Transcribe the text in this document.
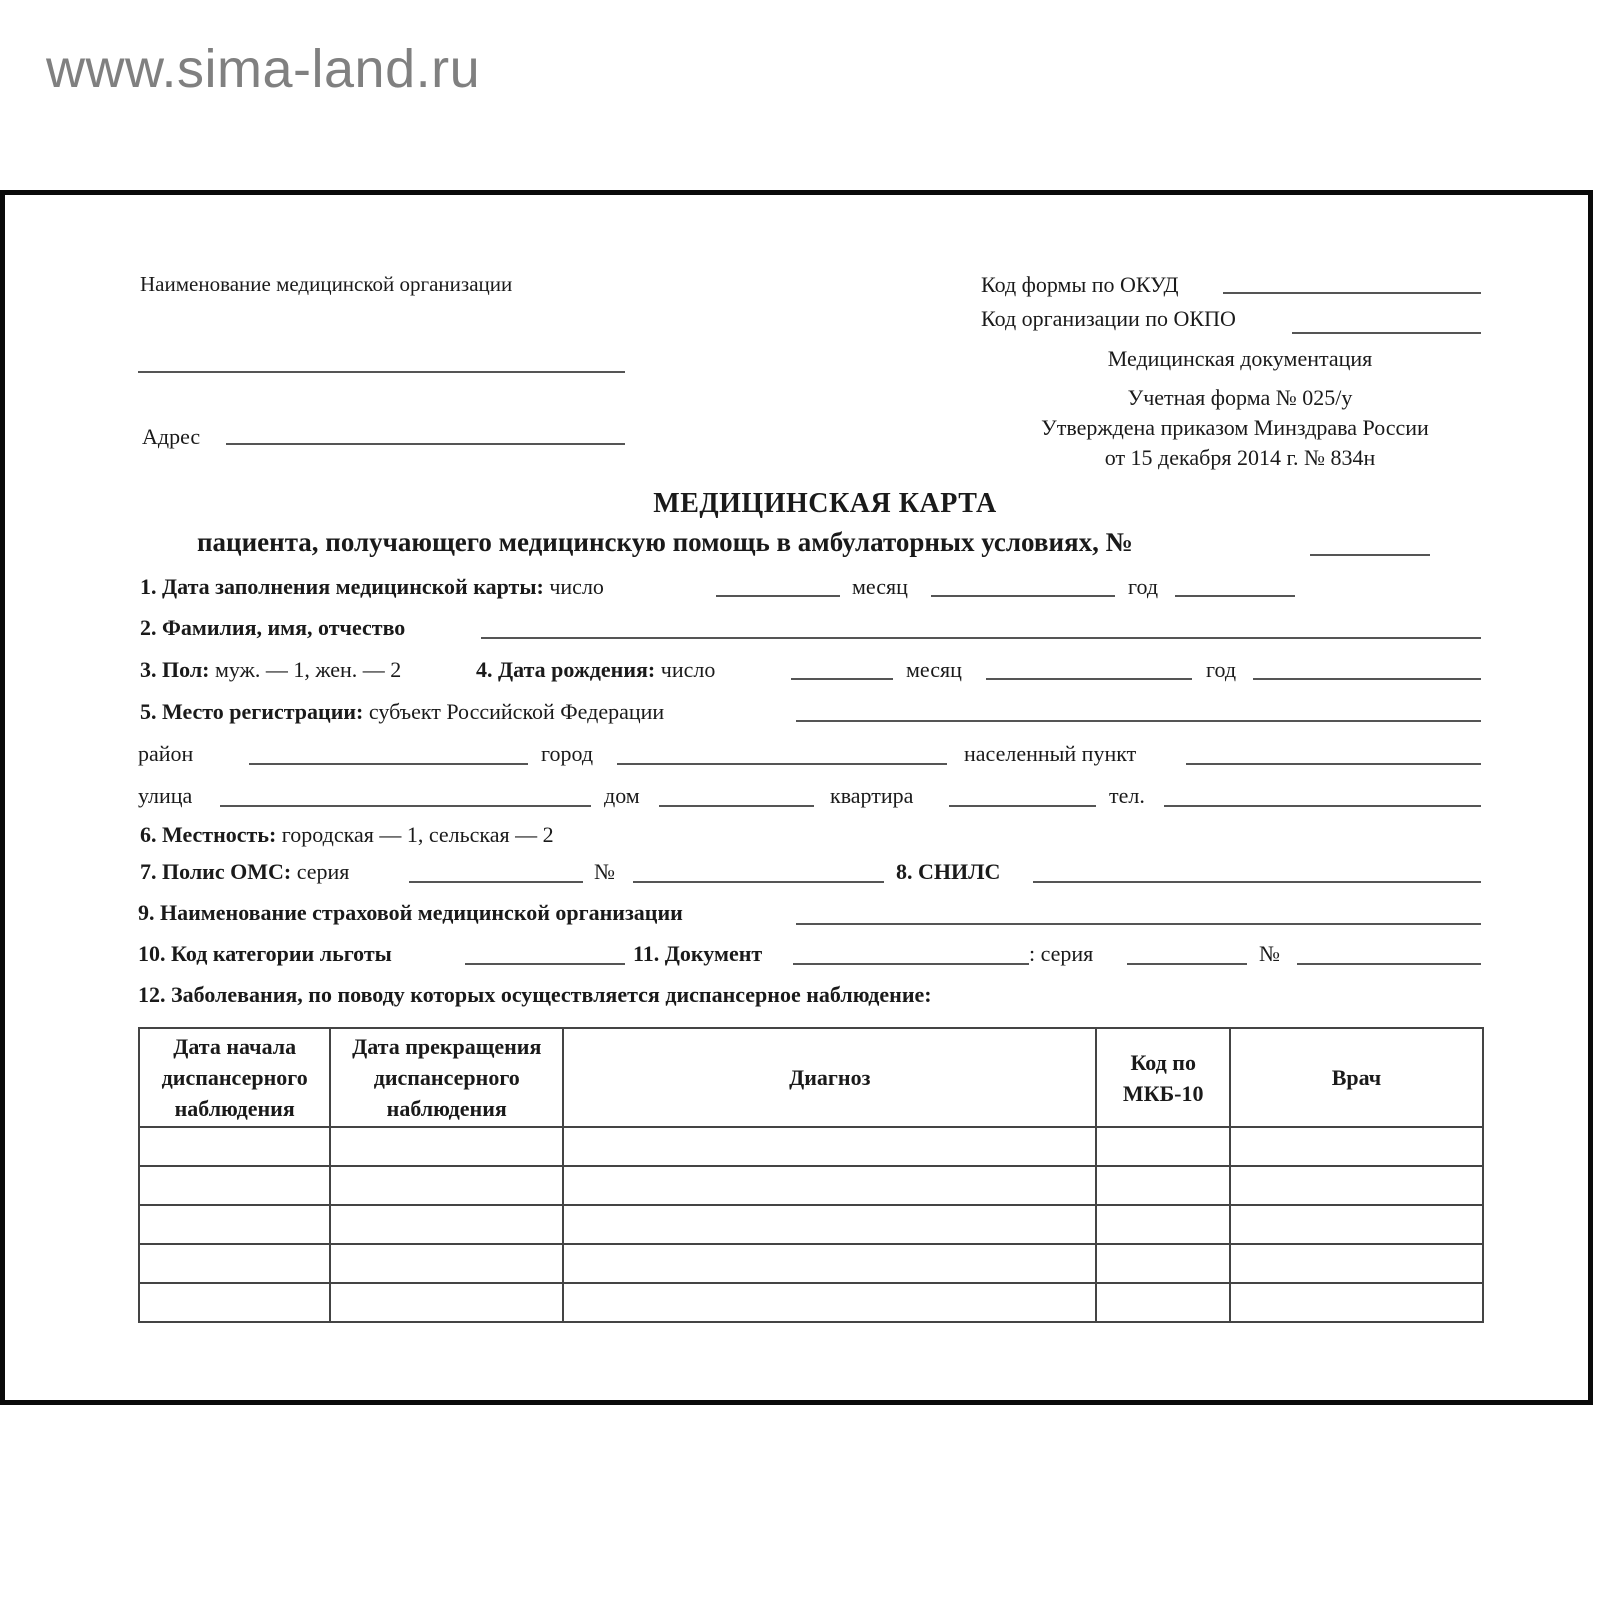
www.sima-land.ru
Наименование медицинской организации
Адрес
Код формы по ОКУД
Код организации по ОКПО
Медицинская документация
Учетная форма № 025/у
Утверждена приказом Минздрава России
от 15 декабря 2014 г. № 834н
МЕДИЦИНСКАЯ КАРТА
пациента, получающего медицинскую помощь в амбулаторных условиях, №
1. Дата заполнения медицинской карты: число	месяц	год
2. Фамилия, имя, отчество
3. Пол: муж. — 1, жен. — 2	4. Дата рождения: число	месяц	год
5. Место регистрации: субъект Российской Федерации
район	город	населенный пункт
улица	дом	квартира	тел.
6. Местность: городская — 1, сельская — 2
7. Полис ОМС: серия	№	8. СНИЛС
9. Наименование страховой медицинской организации
10. Код категории льготы	11. Документ	: серия	№
12. Заболевания, по поводу которых осуществляется диспансерное наблюдение:
Дата начала диспансерного наблюдения	Дата прекращения диспансерного наблюдения	Диагноз	Код по МКБ-10	Врач
